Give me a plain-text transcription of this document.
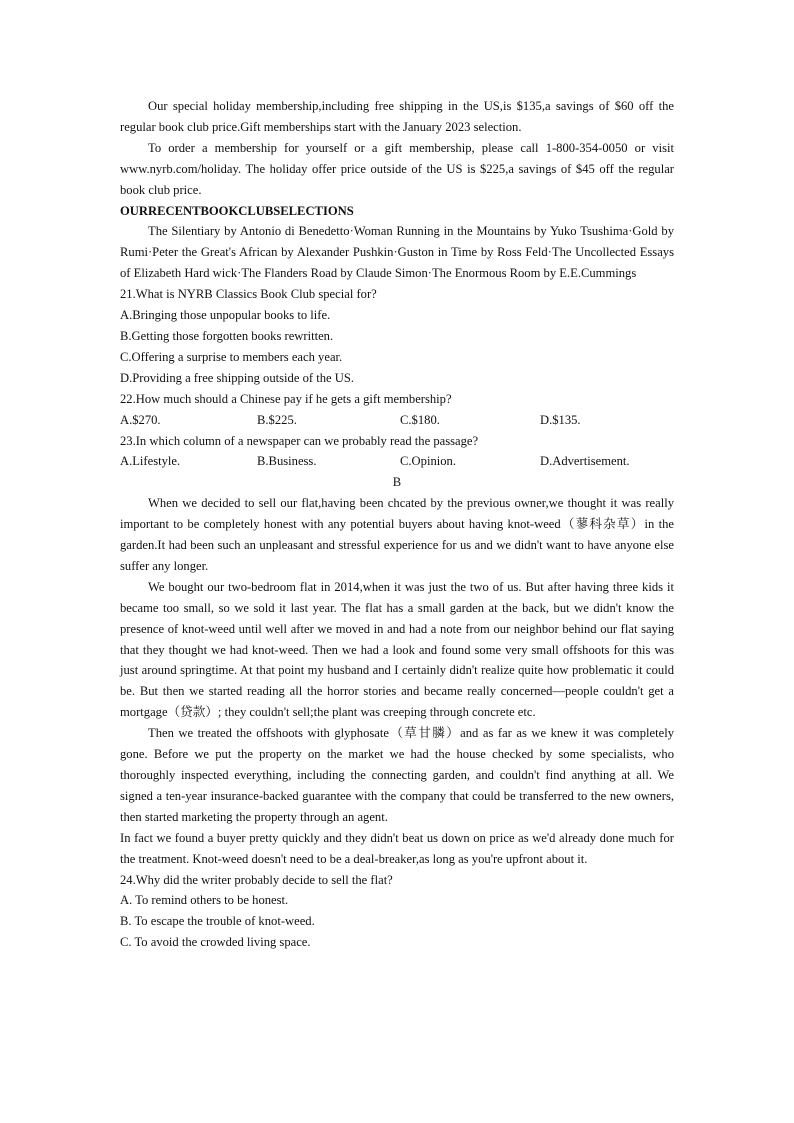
Our special holiday membership,including free shipping in the US,is $135,a savings of $60 off the regular book club price.Gift memberships start with the January 2023 selection.

To order a membership for yourself or a gift membership, please call 1-800-354-0050 or visit www.nyrb.com/holiday. The holiday offer price outside of the US is $225,a savings of $45 off the regular book club price.

OURRECENTBOOKCLUBSELECTIONS

The Silentiary by Antonio di Benedetto·Woman Running in the Mountains by Yuko Tsushima·Gold by Rumi·Peter the Great's African by Alexander Pushkin·Guston in Time by Ross Feld·The Uncollected Essays of Elizabeth Hard wick·The Flanders Road by Claude Simon·The Enormous Room by E.E.Cummings

21.What is NYRB Classics Book Club special for?

A.Bringing those unpopular books to life.

B.Getting those forgotten books rewritten.

C.Offering a surprise to members each year.

D.Providing a free shipping outside of the US.

22.How much should a Chinese pay if he gets a gift membership?

A.$270.	B.$225.	C.$180.	D.$135.

23.In which column of a newspaper can we probably read the passage?

A.Lifestyle.	B.Business.	C.Opinion.	D.Advertisement.

B

When we decided to sell our flat,having been chcated by the previous owner,we thought it was really important to be completely honest with any potential buyers about having knot-weed（蓼科杂草）in the garden.It had been such an unpleasant and stressful experience for us and we didn't want to have anyone else suffer any longer.

We bought our two-bedroom flat in 2014,when it was just the two of us. But after having three kids it became too small, so we sold it last year. The flat has a small garden at the back, but we didn't know the presence of knot-weed until well after we moved in and had a note from our neighbor behind our flat saying that they thought we had knot-weed. Then we had a look and found some very small offshoots for this was just around springtime. At that point my husband and I certainly didn't realize quite how problematic it could be. But then we started reading all the horror stories and became really concerned—people couldn't get a mortgage（贷款）; they couldn't sell;the plant was creeping through concrete etc.

Then we treated the offshoots with glyphosate（草甘膦）and as far as we knew it was completely gone. Before we put the property on the market we had the house checked by some specialists, who thoroughly inspected everything, including the connecting garden, and couldn't find anything at all. We signed a ten-year insurance-backed guarantee with the company that could be transferred to the new owners, then started marketing the property through an agent.

In fact we found a buyer pretty quickly and they didn't beat us down on price as we'd already done much for the treatment. Knot-weed doesn't need to be a deal-breaker,as long as you're upfront about it.

24.Why did the writer probably decide to sell the flat?

A. To remind others to be honest.

B. To escape the trouble of knot-weed.

C. To avoid the crowded living space.
